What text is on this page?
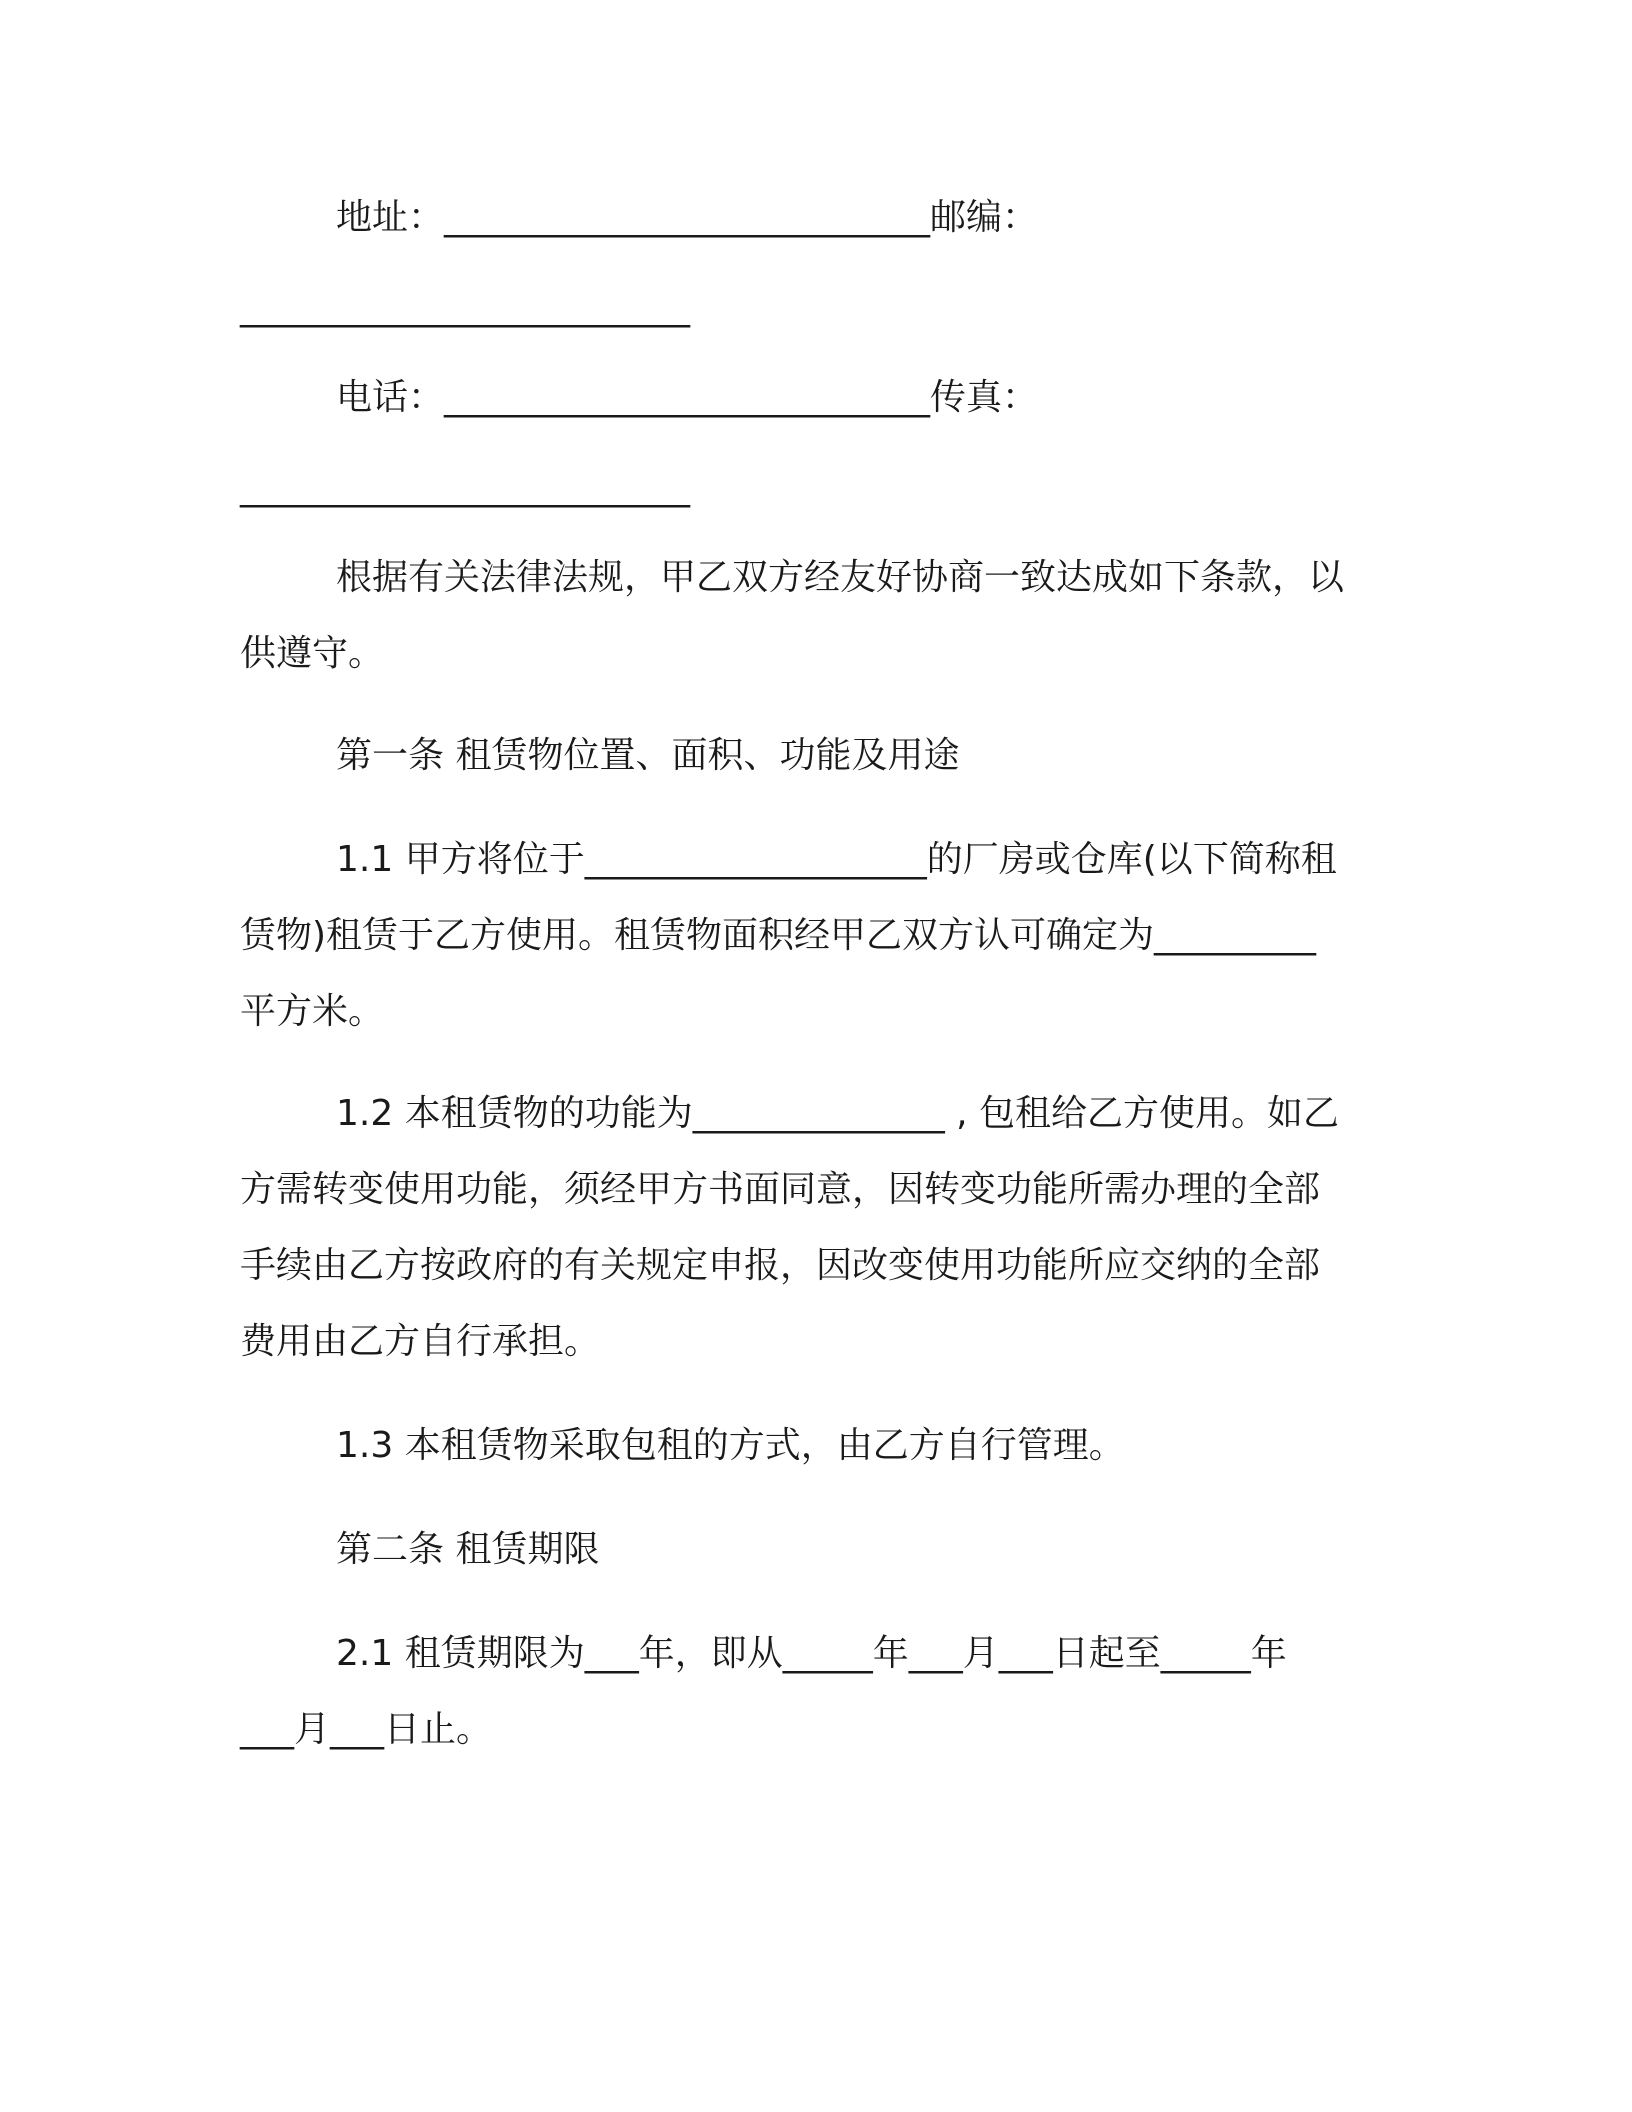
地址：___________________________邮编：
_________________________
电话：___________________________传真：
_________________________
根据有关法律法规，甲乙双方经友好协商一致达成如下条款，以
供遵守。
第一条 租赁物位置、面积、功能及用途
1.1 甲方将位于___________________的厂房或仓库(以下简称租
赁物)租赁于乙方使用。租赁物面积经甲乙双方认可确定为_________
平方米。
1.2 本租赁物的功能为______________ , 包租给乙方使用。如乙
方需转变使用功能，须经甲方书面同意，因转变功能所需办理的全部
手续由乙方按政府的有关规定申报，因改变使用功能所应交纳的全部
费用由乙方自行承担。
1.3 本租赁物采取包租的方式，由乙方自行管理。
第二条 租赁期限
2.1 租赁期限为___年，即从_____年___月___日起至_____年
___月___日止。
